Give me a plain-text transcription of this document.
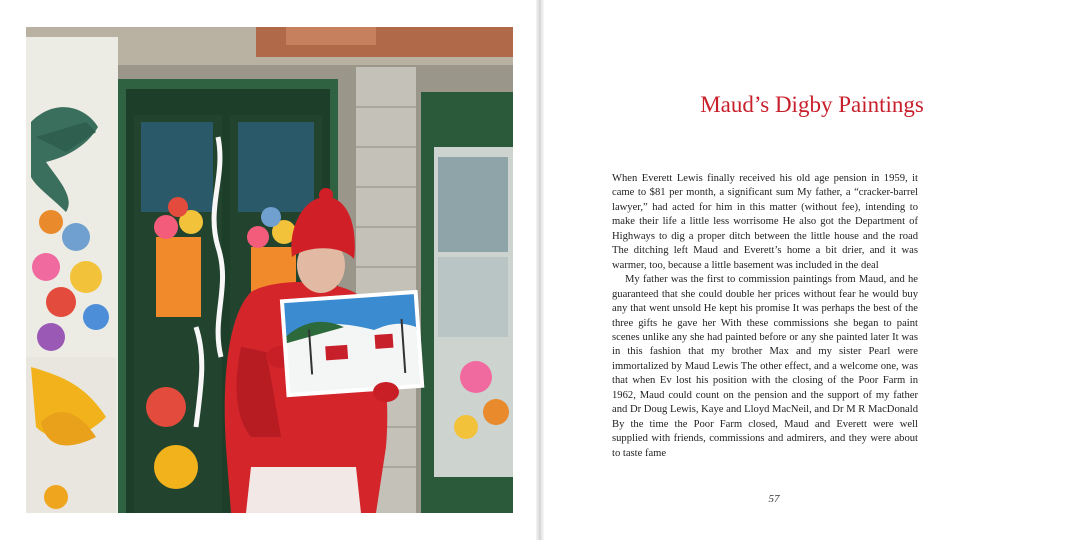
Maud’s Digby Paintings

When Everett Lewis finally received his old age pension in 1959, it came to $81 per month, a significant sum My father, a “cracker-barrel lawyer,” had acted for him in this matter (without fee), intending to make their life a little less worrisome He also got the Department of Highways to dig a proper ditch between the little house and the road The ditching left Maud and Everett’s home a bit drier, and it was warmer, too, because a little basement was included in the deal

My father was the first to commission paintings from Maud, and he guaranteed that she could double her prices without fear he would buy any that went unsold He kept his promise It was perhaps the best of the three gifts he gave her With these commissions she began to paint scenes unlike any she had painted before or any she painted later It was in this fashion that my brother Max and my sister Pearl were immortalized by Maud Lewis The other effect, and a welcome one, was that when Ev lost his position with the closing of the Poor Farm in 1962, Maud could count on the pension and the support of my father and Dr Doug Lewis, Kaye and Lloyd MacNeil, and Dr M R MacDonald By the time the Poor Farm closed, Maud and Everett were well supplied with friends, commissions and admirers, and they were about to taste fame

57
